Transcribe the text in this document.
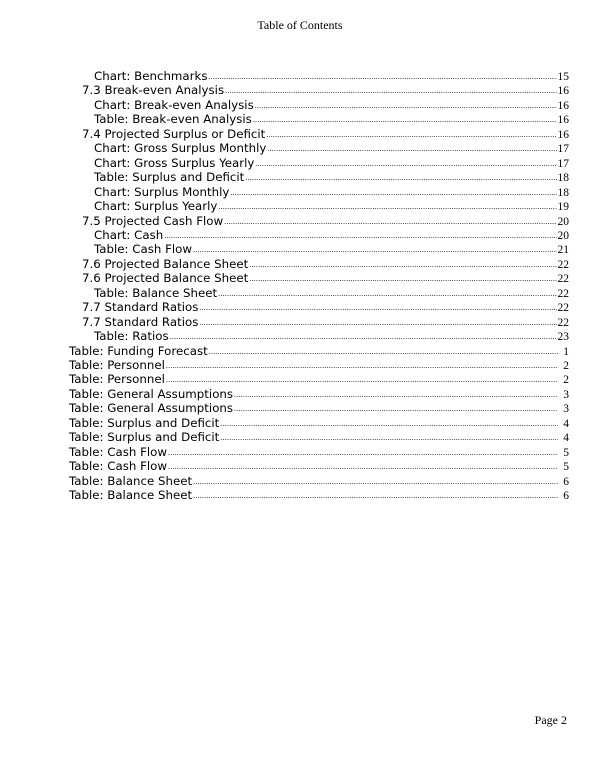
Table of Contents
Chart: Benchmarks .....	15
7.3 Break-even Analysis .....	16
Chart: Break-even Analysis .....	16
Table: Break-even Analysis .....	16
7.4 Projected Surplus or Deficit .....	16
Chart: Gross Surplus Monthly .....	17
Chart: Gross Surplus Yearly .....	17
Table: Surplus and Deficit .....	18
Chart: Surplus Monthly .....	18
Chart: Surplus Yearly .....	19
7.5 Projected Cash Flow .....	20
Chart: Cash .....	20
Table: Cash Flow .....	21
7.6 Projected Balance Sheet .....	22
7.6 Projected Balance Sheet .....	22
Table: Balance Sheet .....	22
7.7 Standard Ratios .....	22
7.7 Standard Ratios .....	22
Table: Ratios .....	23
Table: Funding Forecast .....	1
Table: Personnel .....	2
Table: Personnel .....	2
Table: General Assumptions .....	3
Table: General Assumptions .....	3
Table: Surplus and Deficit .....	4
Table: Surplus and Deficit .....	4
Table: Cash Flow .....	5
Table: Cash Flow .....	5
Table: Balance Sheet .....	6
Table: Balance Sheet .....	6
Page 2
